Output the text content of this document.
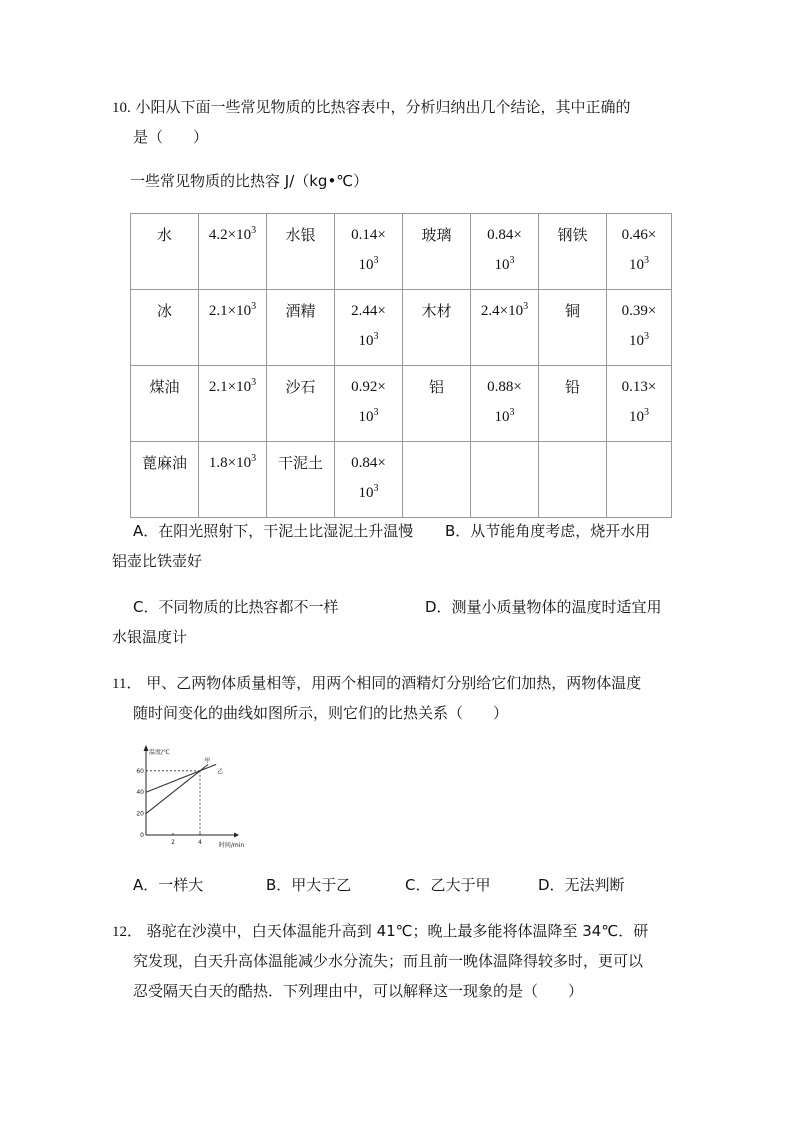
10. 小阳从下面一些常见物质的比热容表中，分析归纳出几个结论，其中正确的
是（　　）
一些常见物质的比热容 J/（kg•℃）
水	$4.2\times 10^3$	水银	0.14×
$10^3$	玻璃	0.84×
$10^3$	钢铁	0.46×
$10^3$

冰	$2.1\times 10^3$	酒精	2.44×
$10^3$	木材	$2.4\times 10^3$	铜	0.39×
$10^3$

煤油	$2.1\times 10^3$	沙石	0.92×
$10^3$	铝	0.88×
$10^3$	铅	0.13×
$10^3$

蓖麻油	$1.8\times 10^3$	干泥土	0.84×
$10^3$

A．在阳光照射下，干泥土比湿泥土升温慢 B．从节能角度考虑，烧开水用
铝壶比铁壶好
C．不同物质的比热容都不一样	D．测量小质量物体的温度时适宜用
水银温度计
11． 甲、乙两物体质量相等，用两个相同的酒精灯分别给它们加热，两物体温度
随时间变化的曲线如图所示，则它们的比热关系（　　）
温度/℃
时间/min
0
20
40
60
2	4
甲
乙
A．一样大	B．甲大于乙	C．乙大于甲	D．无法判断
12． 骆驼在沙漠中，白天体温能升高到 41℃；晚上最多能将体温降至 34℃．研
究发现，白天升高体温能减少水分流失；而且前一晚体温降得较多时，更可以
忍受隔天白天的酷热．下列理由中，可以解释这一现象的是（　　）
